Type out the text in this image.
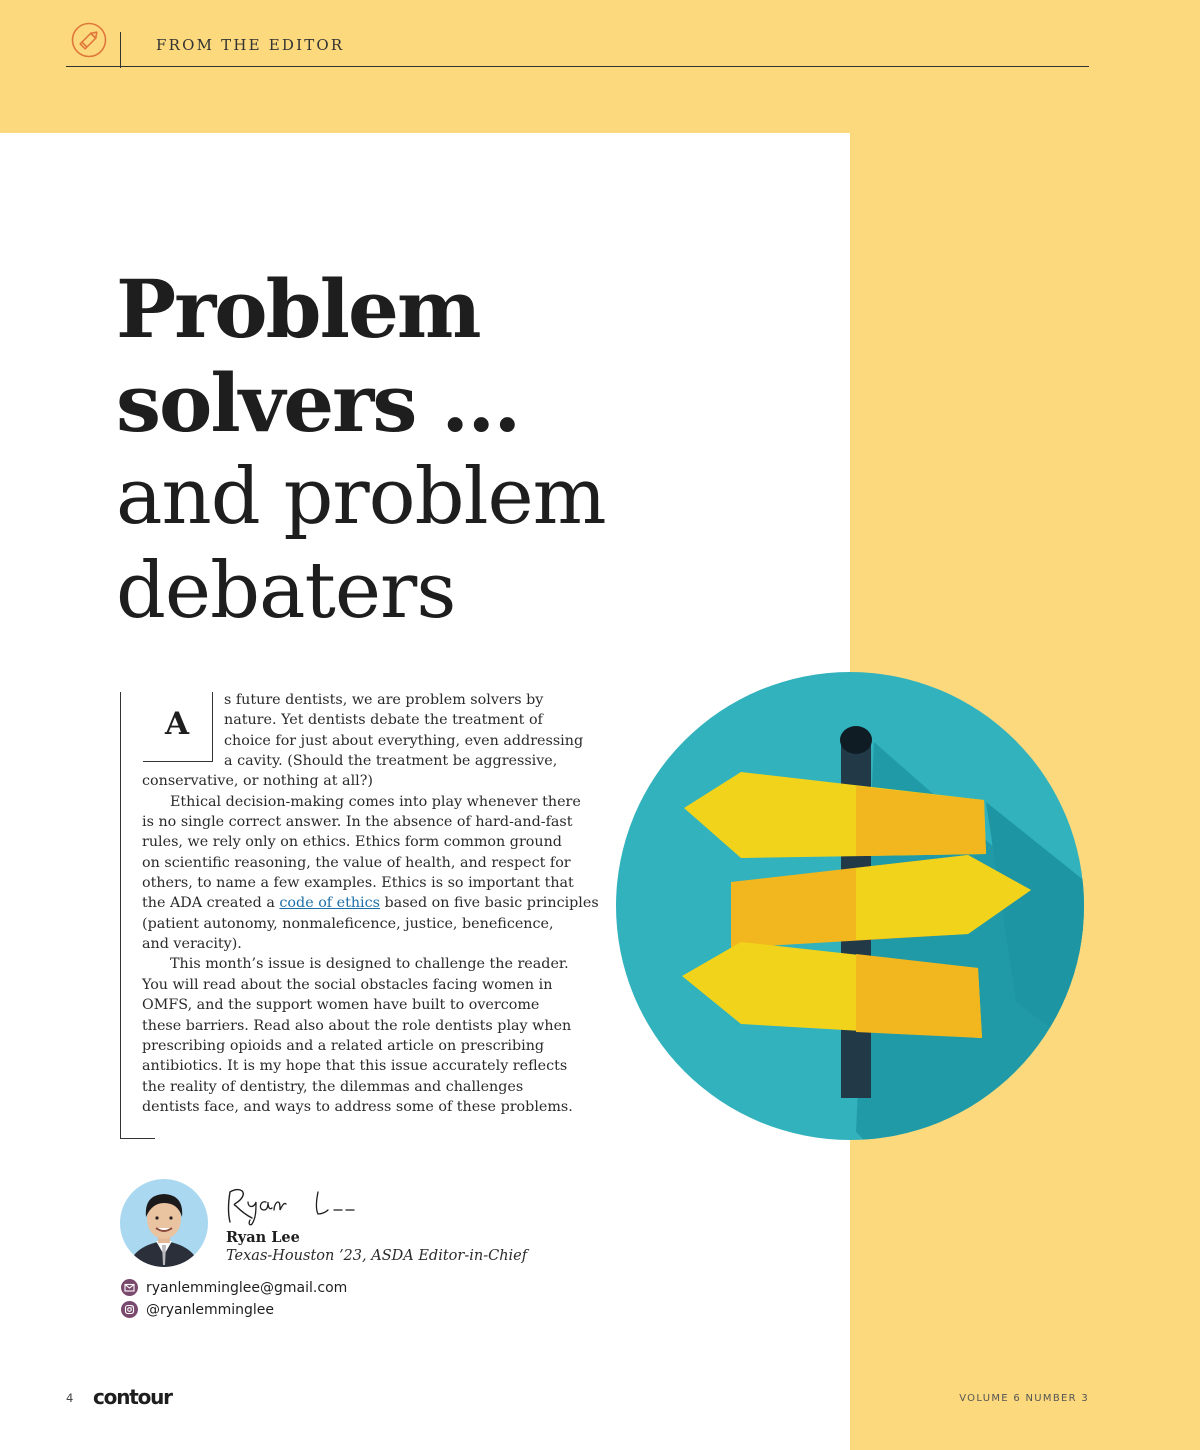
FROM THE EDITOR
Problem
solvers …
and problem
debaters
A
s future dentists, we are problem solvers by
nature. Yet dentists debate the treatment of
choice for just about everything, even addressing
a cavity. (Should the treatment be aggressive,
conservative, or nothing at all?)
Ethical decision-making comes into play whenever there
is no single correct answer. In the absence of hard-and-fast
rules, we rely only on ethics. Ethics form common ground
on scientific reasoning, the value of health, and respect for
others, to name a few examples. Ethics is so important that
the ADA created a code of ethics based on five basic principles
(patient autonomy, nonmaleficence, justice, beneficence,
and veracity).
This month’s issue is designed to challenge the reader.
You will read about the social obstacles facing women in
OMFS, and the support women have built to overcome
these barriers. Read also about the role dentists play when
prescribing opioids and a related article on prescribing
antibiotics. It is my hope that this issue accurately reflects
the reality of dentistry, the dilemmas and challenges
dentists face, and ways to address some of these problems.
Ryan Lee
Texas-Houston ’23, ASDA Editor-in-Chief
ryanlemminglee@gmail.com
@ryanlemminglee
4 contour	VOLUME 6 NUMBER 3
